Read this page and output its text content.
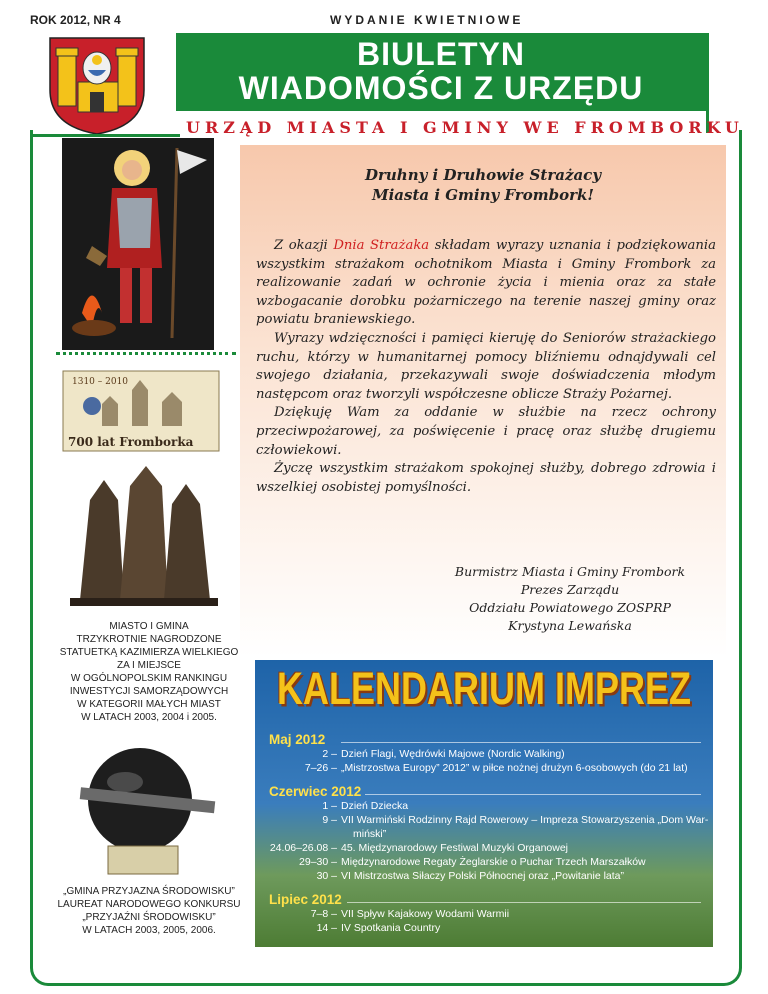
ROK 2012, NR 4	WYDANIE KWIETNIOWE
BIULETYN
WIADOMOŚCI Z URZĘDU
URZĄD MIASTA I GMINY WE FROMBORKU
Druhny i Druhowie Strażacy
Miasta i Gminy Frombork!

Z okazji Dnia Strażaka składam wyrazy uznania i podziękowania wszystkim strażakom ochotnikom Miasta i Gminy Frombork za realizowanie zadań w ochronie życia i mienia oraz za stałe wzbogacanie dorobku pożarniczego na terenie naszej gminy oraz powiatu braniewskiego.

Wyrazy wdzięczności i pamięci kieruję do Seniorów strażackiego ruchu, którzy w humanitarnej pomocy bliźniemu odnajdywali cel swojego działania, przekazywali swoje doświadczenia młodym następcom oraz tworzyli współczesne oblicze Straży Pożarnej.

Dziękuję Wam za oddanie w służbie na rzecz ochrony przeciwpożarowej, za poświęcenie i pracę oraz służbę drugiemu człowiekowi.

Życzę wszystkim strażakom spokojnej służby, dobrego zdrowia i wszelkiej osobistej pomyślności.

Burmistrz Miasta i Gminy Frombork
Prezes Zarządu
Oddziału Powiatowego ZOSPRP
Krystyna Lewańska
1310 – 2010
700 lat Fromborka
MIASTO I GMINA
TRZYKROTNIE NAGRODZONE
STATUETKĄ KAZIMIERZA WIELKIEGO
ZA I MIEJSCE
W OGÓLNOPOLSKIM RANKINGU
INWESTYCJI SAMORZĄDOWYCH
W KATEGORII MAŁYCH MIAST
W LATACH 2003, 2004 i 2005.
„GMINA PRZYJAZNA ŚRODOWISKU”
LAUREAT NARODOWEGO KONKURSU
„PRZYJAŹNI ŚRODOWISKU”
W LATACH 2003, 2005, 2006.
KALENDARIUM IMPREZ
Maj 2012
2 – Dzień Flagi, Wędrówki Majowe (Nordic Walking)
7–26 – „Mistrzostwa Europy” 2012” w piłce nożnej drużyn 6-osobowych (do 21 lat)
Czerwiec 2012
1 – Dzień Dziecka
9 – VII Warmiński Rodzinny Rajd Rowerowy – Impreza Stowarzyszenia „Dom War-
miński”
24.06–26.08 – 45. Międzynarodowy Festiwal Muzyki Organowej
29–30 – Międzynarodowe Regaty Żeglarskie o Puchar Trzech Marszałków
30 – VI Mistrzostwa Siłaczy Polski Północnej oraz „Powitanie lata”
Lipiec 2012
7–8 – VII Spływ Kajakowy Wodami Warmii
14 – IV Spotkania Country
